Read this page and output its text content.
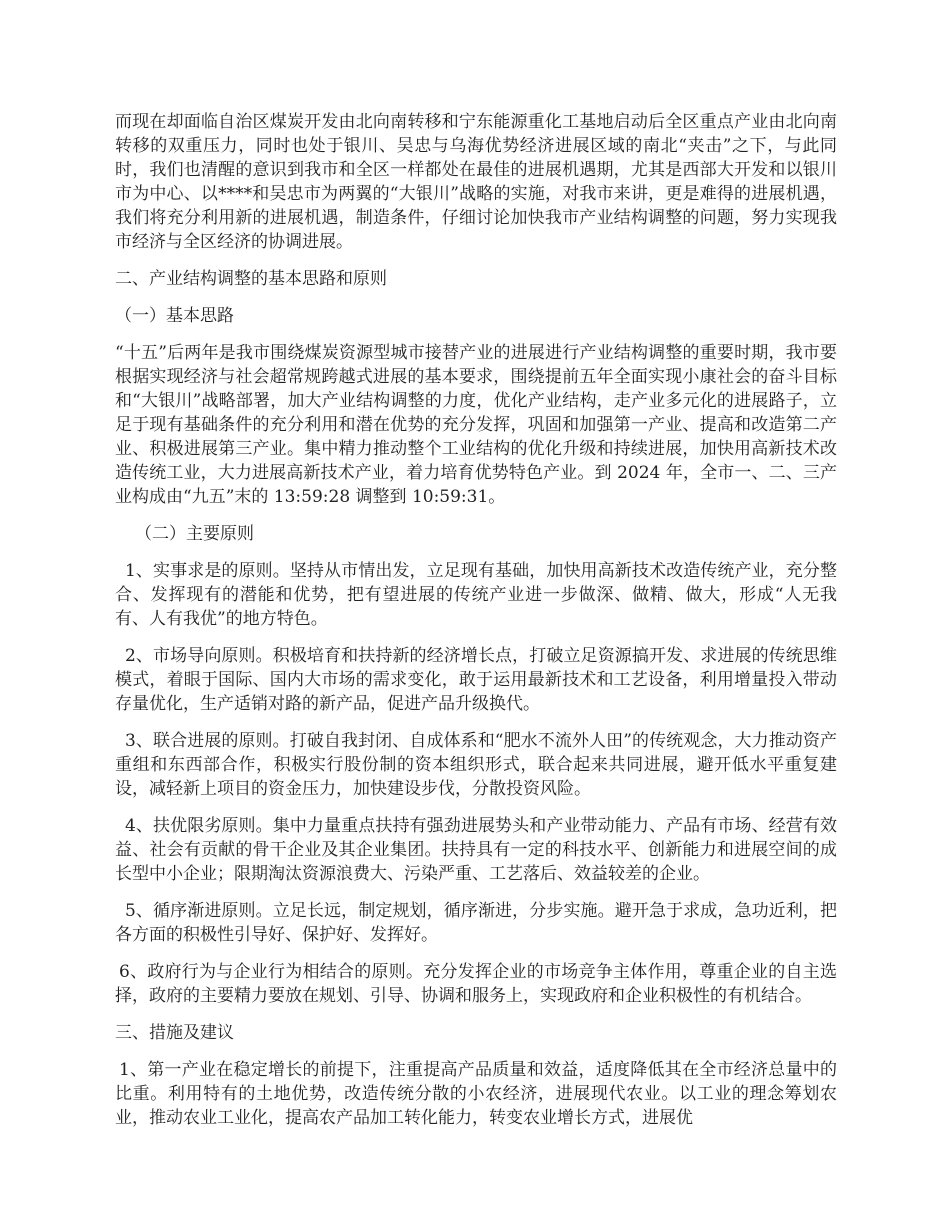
而现在却面临自治区煤炭开发由北向南转移和宁东能源重化工基地启动后全区重点产业由北向南转移的双重压力，同时也处于银川、吴忠与乌海优势经济进展区域的南北“夹击”之下，与此同时，我们也清醒的意识到我市和全区一样都处在最佳的进展机遇期，尤其是西部大开发和以银川市为中心、以****和吴忠市为两翼的“大银川”战略的实施，对我市来讲，更是难得的进展机遇，我们将充分利用新的进展机遇，制造条件，仔细讨论加快我市产业结构调整的问题，努力实现我市经济与全区经济的协调进展。

二、产业结构调整的基本思路和原则

（一）基本思路

“十五”后两年是我市围绕煤炭资源型城市接替产业的进展进行产业结构调整的重要时期，我市要根据实现经济与社会超常规跨越式进展的基本要求，围绕提前五年全面实现小康社会的奋斗目标和“大银川”战略部署，加大产业结构调整的力度，优化产业结构，走产业多元化的进展路子，立足于现有基础条件的充分利用和潜在优势的充分发挥，巩固和加强第一产业、提高和改造第二产业、积极进展第三产业。集中精力推动整个工业结构的优化升级和持续进展，加快用高新技术改造传统工业，大力进展高新技术产业，着力培育优势特色产业。到 2024 年，全市一、二、三产业构成由“九五”末的 13:59:28 调整到 10:59:31。

（二）主要原则

1、实事求是的原则。坚持从市情出发，立足现有基础，加快用高新技术改造传统产业，充分整合、发挥现有的潜能和优势，把有望进展的传统产业进一步做深、做精、做大，形成“人无我有、人有我优”的地方特色。

2、市场导向原则。积极培育和扶持新的经济增长点，打破立足资源搞开发、求进展的传统思维模式，着眼于国际、国内大市场的需求变化，敢于运用最新技术和工艺设备，利用增量投入带动存量优化，生产适销对路的新产品，促进产品升级换代。

3、联合进展的原则。打破自我封闭、自成体系和“肥水不流外人田”的传统观念，大力推动资产重组和东西部合作，积极实行股份制的资本组织形式，联合起来共同进展，避开低水平重复建设，减轻新上项目的资金压力，加快建设步伐，分散投资风险。

4、扶优限劣原则。集中力量重点扶持有强劲进展势头和产业带动能力、产品有市场、经营有效益、社会有贡献的骨干企业及其企业集团。扶持具有一定的科技水平、创新能力和进展空间的成长型中小企业；限期淘汰资源浪费大、污染严重、工艺落后、效益较差的企业。

5、循序渐进原则。立足长远，制定规划，循序渐进，分步实施。避开急于求成，急功近利，把各方面的积极性引导好、保护好、发挥好。

6、政府行为与企业行为相结合的原则。充分发挥企业的市场竞争主体作用，尊重企业的自主选择，政府的主要精力要放在规划、引导、协调和服务上，实现政府和企业积极性的有机结合。

三、措施及建议

1、第一产业在稳定增长的前提下，注重提高产品质量和效益，适度降低其在全市经济总量中的比重。利用特有的土地优势，改造传统分散的小农经济，进展现代农业。以工业的理念筹划农业，推动农业工业化，提高农产品加工转化能力，转变农业增长方式，进展优
